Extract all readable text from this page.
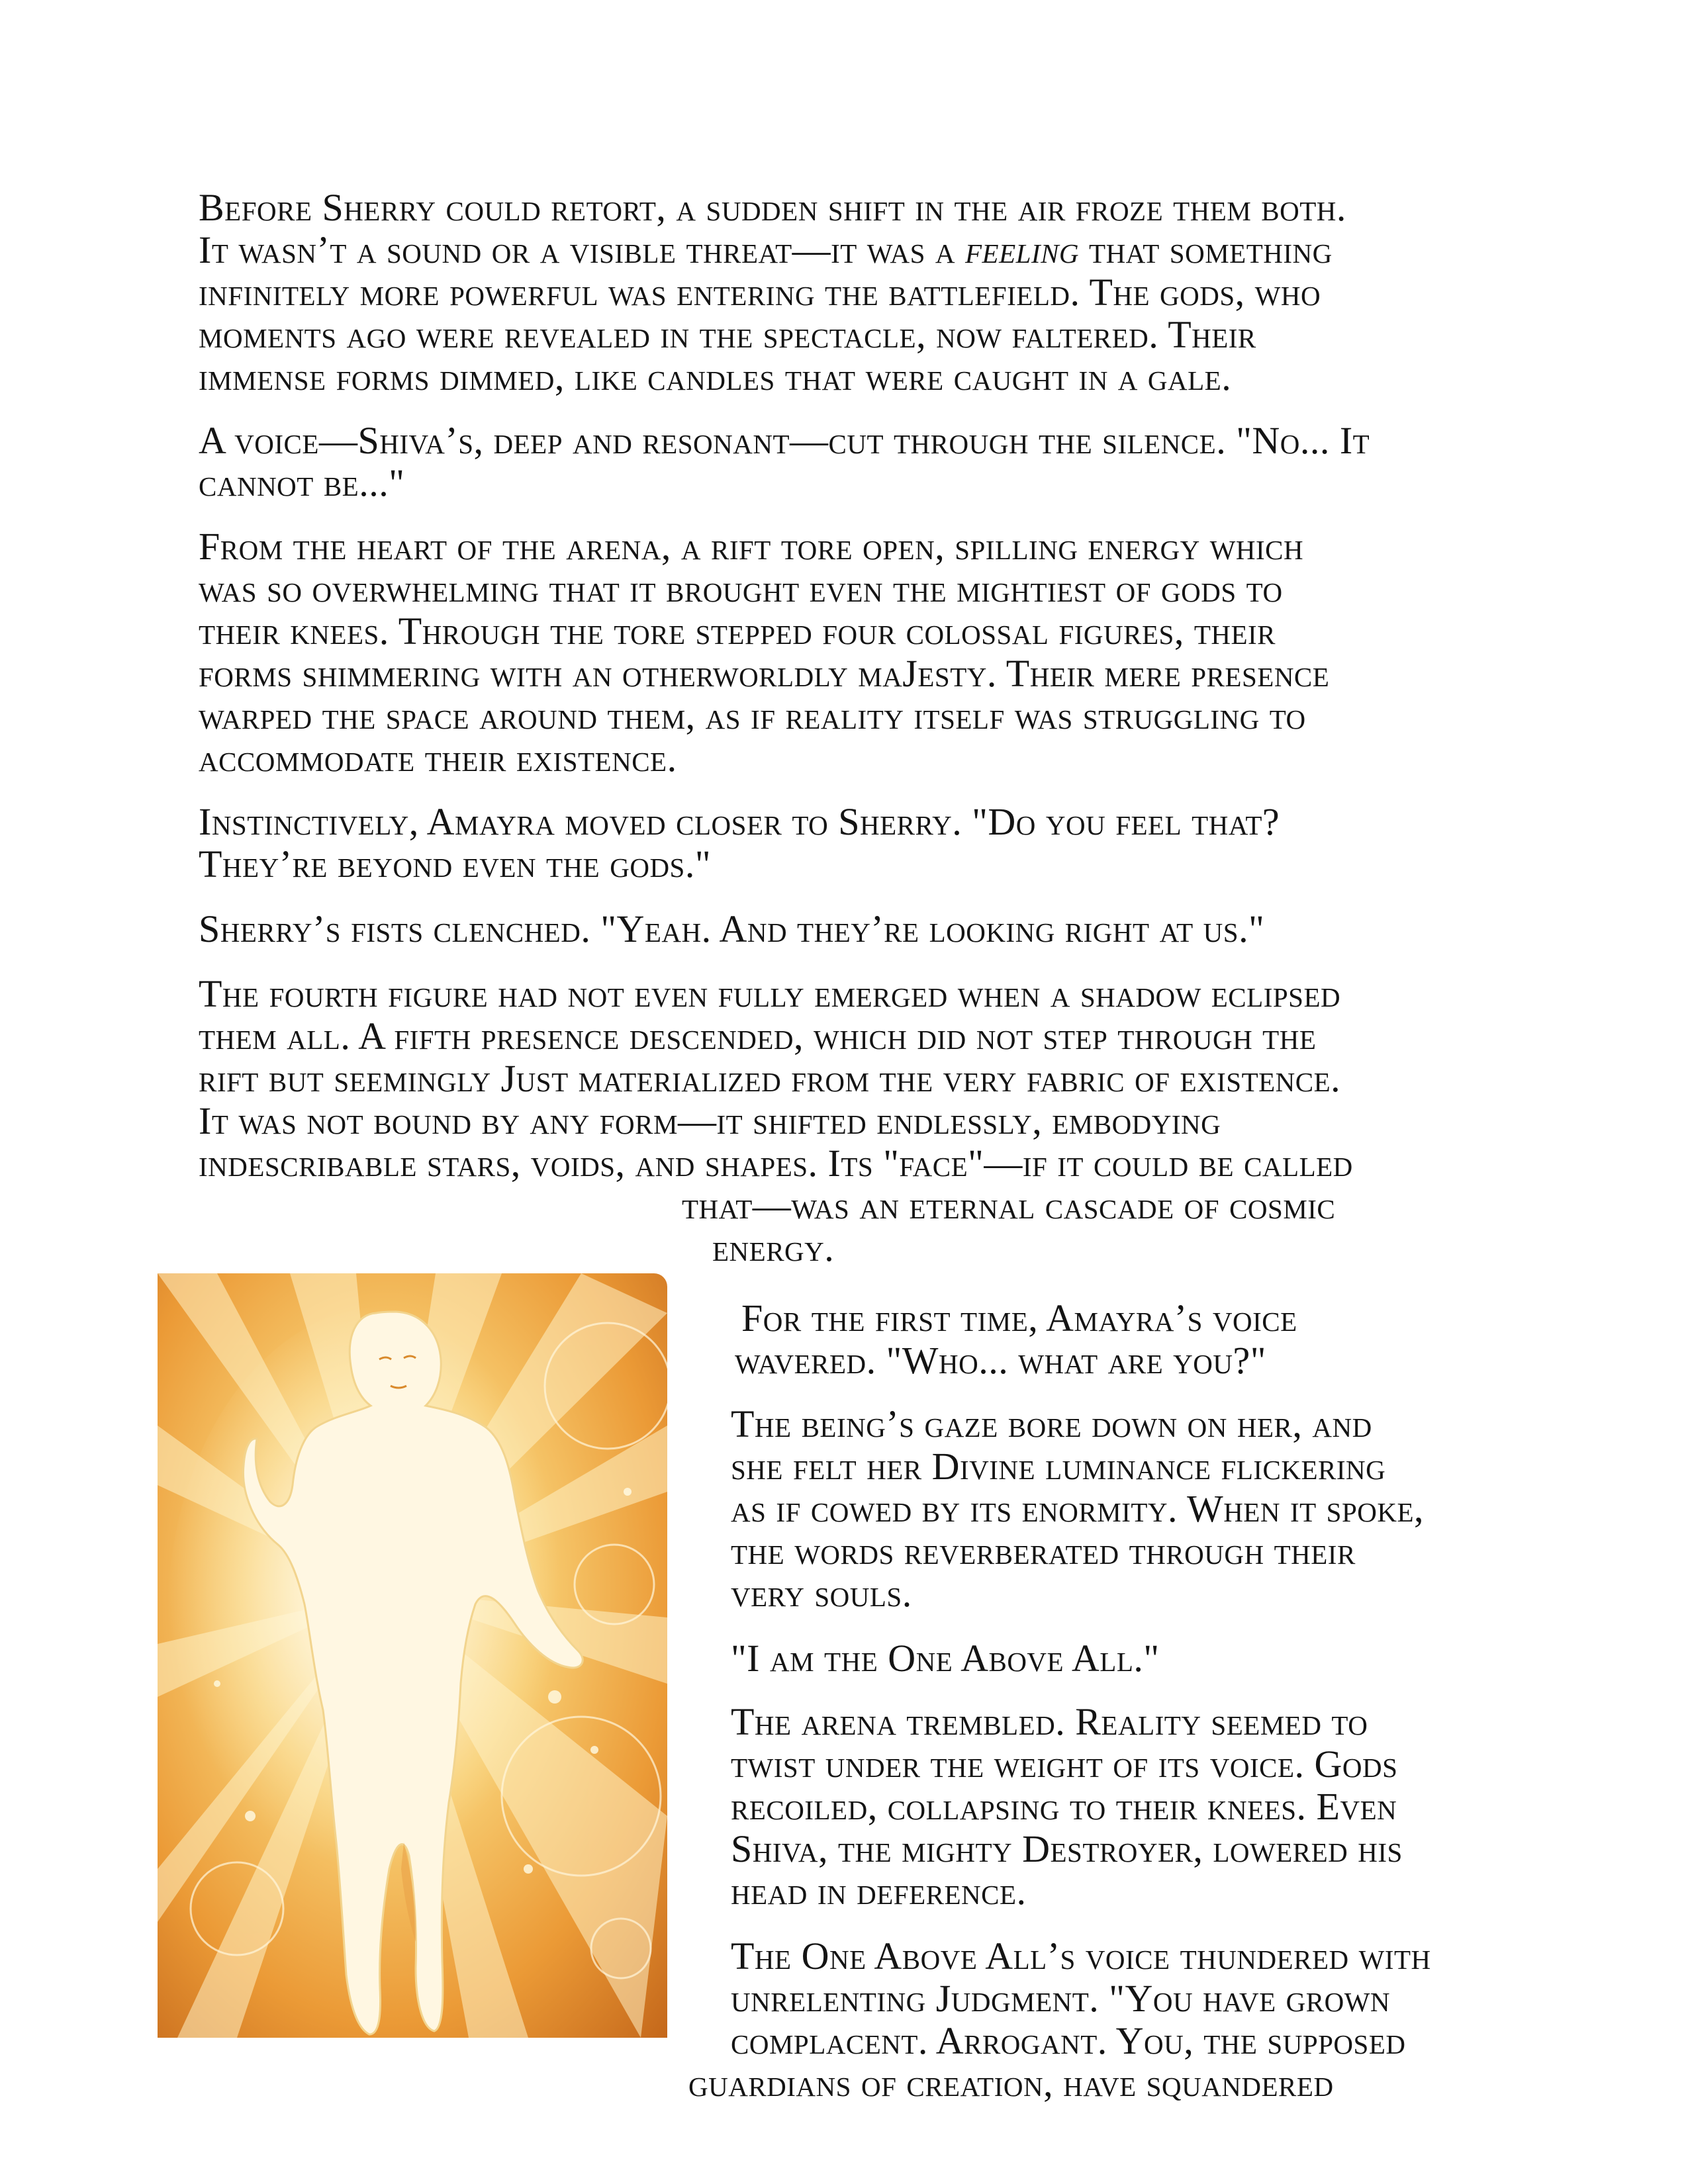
Before Sherry could retort, a sudden shift in the air froze them both.
It wasn’t a sound or a visible threat—it was a feeling that something
infinitely more powerful was entering the battlefield. The gods, who
moments ago were revealed in the spectacle, now faltered. Their
immense forms dimmed, like candles that were caught in a gale.

A voice—Shiva’s, deep and resonant—cut through the silence. "No... It
cannot be..."

From the heart of the arena, a rift tore open, spilling energy which
was so overwhelming that it brought even the mightiest of gods to
their knees. Through the tore stepped four colossal figures, their
forms shimmering with an otherworldly maJesty. Their mere presence
warped the space around them, as if reality itself was struggling to
accommodate their existence.

Instinctively, Amayra moved closer to Sherry. "Do you feel that?
They’re beyond even the gods."

Sherry’s fists clenched. "Yeah. And they’re looking right at us."

The fourth figure had not even fully emerged when a shadow eclipsed
them all. A fifth presence descended, which did not step through the
rift but seemingly Just materialized from the very fabric of existence.
It was not bound by any form—it shifted endlessly, embodying
indescribable stars, voids, and shapes. Its "face"—if it could be called
that—was an eternal cascade of cosmic
energy.

For the first time, Amayra’s voice
wavered. "Who... what are you?"

The being’s gaze bore down on her, and
she felt her Divine luminance flickering
as if cowed by its enormity. When it spoke,
the words reverberated through their
very souls.

"I am the One Above All."

The arena trembled. Reality seemed to
twist under the weight of its voice. Gods
recoiled, collapsing to their knees. Even
Shiva, the mighty Destroyer, lowered his
head in deference.

The One Above All’s voice thundered with
unrelenting Judgment. "You have grown
complacent. Arrogant. You, the supposed
guardians of creation, have squandered
